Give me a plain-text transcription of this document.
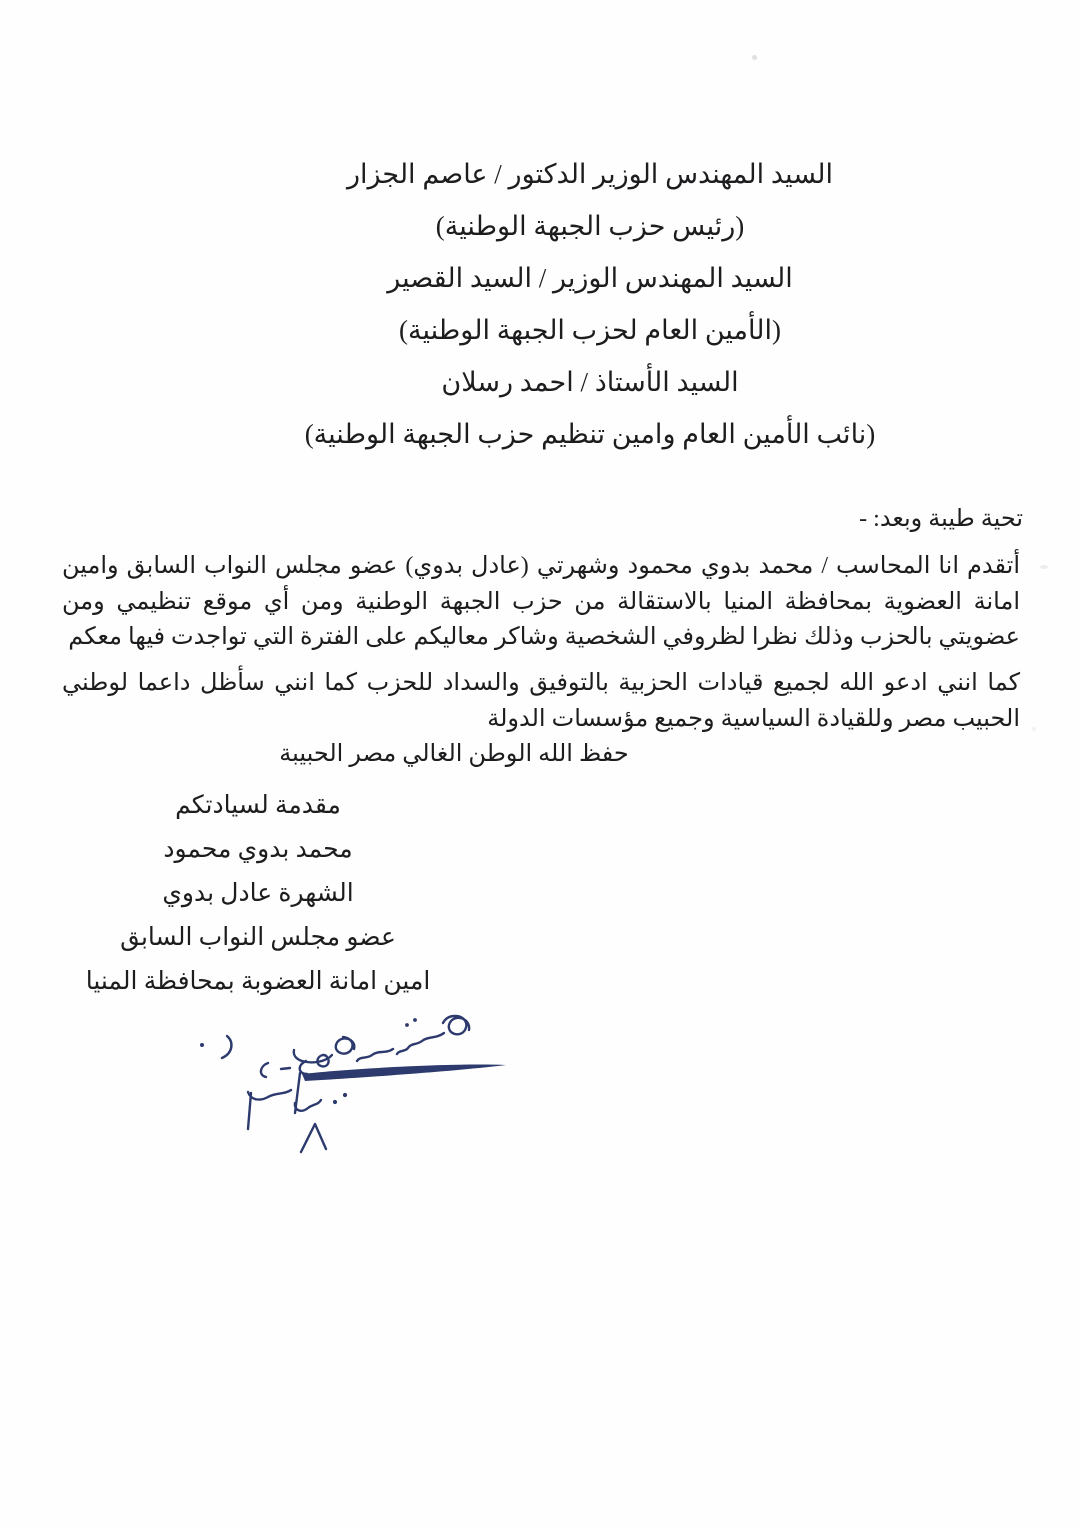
السيد المهندس الوزير الدكتور / عاصم الجزار
(رئيس حزب الجبهة الوطنية)
السيد المهندس الوزير / السيد القصير
(الأمين العام لحزب الجبهة الوطنية)
السيد الأستاذ / احمد رسلان
(نائب الأمين العام وامين تنظيم حزب الجبهة الوطنية)
تحية طيبة وبعد: -
أتقدم انا المحاسب / محمد بدوي محمود وشهرتي (عادل بدوي) عضو مجلس النواب السابق وامين امانة العضوية بمحافظة المنيا بالاستقالة من حزب الجبهة الوطنية ومن أي موقع تنظيمي ومن عضويتي بالحزب وذلك نظرا لظروفي الشخصية وشاكر معاليكم على الفترة التي تواجدت فيها معكم
كما انني ادعو الله لجميع قيادات الحزبية بالتوفيق والسداد للحزب كما انني سأظل داعما لوطني الحبيب مصر وللقيادة السياسية وجميع مؤسسات الدولة
حفظ الله الوطن الغالي مصر الحبيبة
مقدمة لسيادتكم
محمد بدوي محمود
الشهرة عادل بدوي
عضو مجلس النواب السابق
امين امانة العضوبة بمحافظة المنيا
